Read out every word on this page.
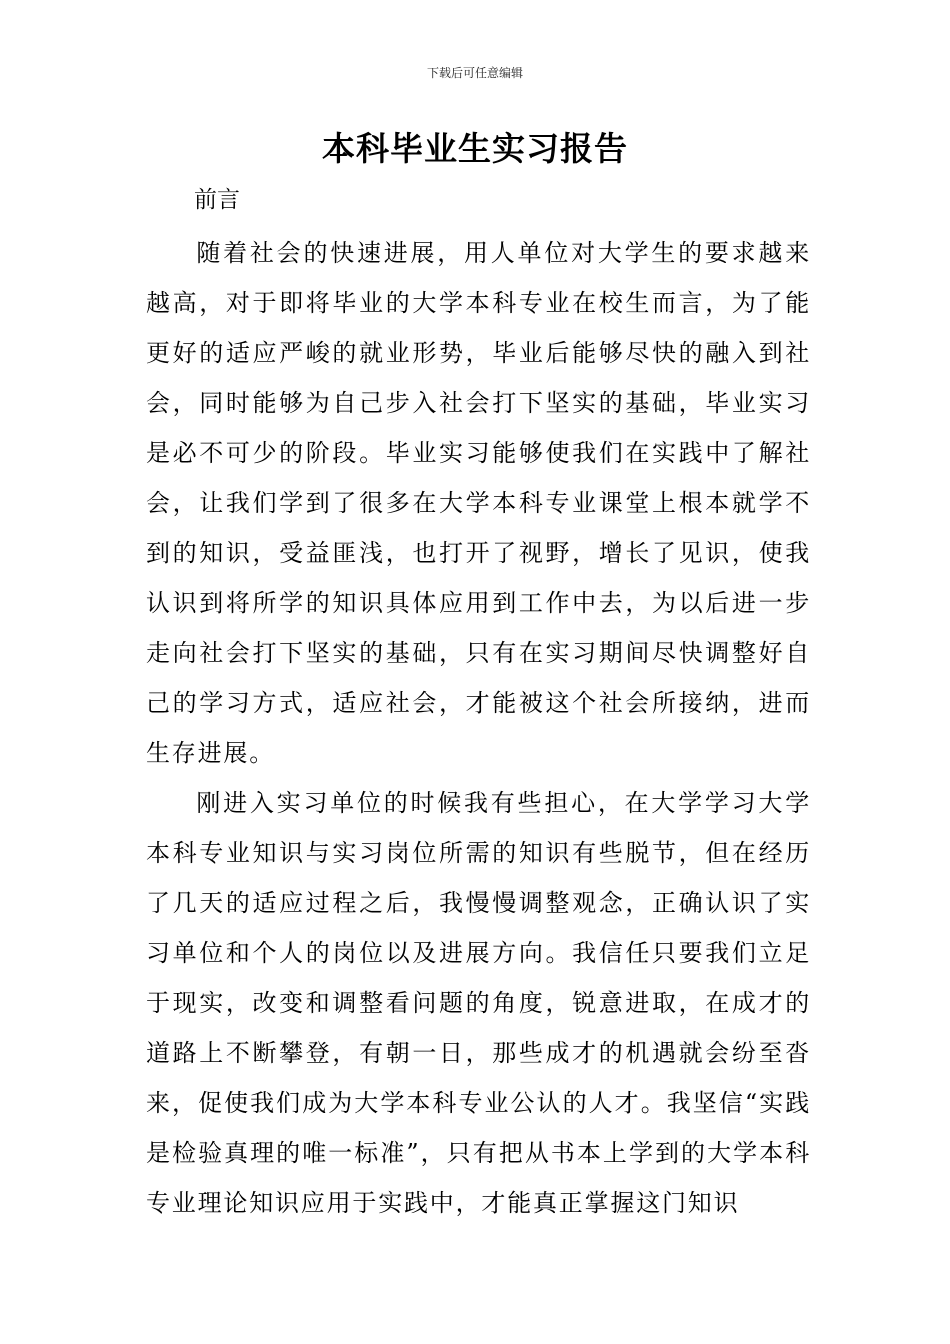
下载后可任意编辑
本科毕业生实习报告
前言

随着社会的快速进展，用人单位对大学生的要求越来越高，对于即将毕业的大学本科专业在校生而言，为了能更好的适应严峻的就业形势，毕业后能够尽快的融入到社会，同时能够为自己步入社会打下坚实的基础，毕业实习是必不可少的阶段。毕业实习能够使我们在实践中了解社会，让我们学到了很多在大学本科专业课堂上根本就学不到的知识，受益匪浅，也打开了视野，增长了见识，使我认识到将所学的知识具体应用到工作中去，为以后进一步走向社会打下坚实的基础，只有在实习期间尽快调整好自己的学习方式，适应社会，才能被这个社会所接纳，进而生存进展。

刚进入实习单位的时候我有些担心，在大学学习大学本科专业知识与实习岗位所需的知识有些脱节，但在经历了几天的适应过程之后，我慢慢调整观念，正确认识了实习单位和个人的岗位以及进展方向。我信任只要我们立足于现实，改变和调整看问题的角度，锐意进取，在成才的道路上不断攀登，有朝一日，那些成才的机遇就会纷至沓来，促使我们成为大学本科专业公认的人才。我坚信“实践是检验真理的唯一标准”，只有把从书本上学到的大学本科专业理论知识应用于实践中，才能真正掌握这门知识
